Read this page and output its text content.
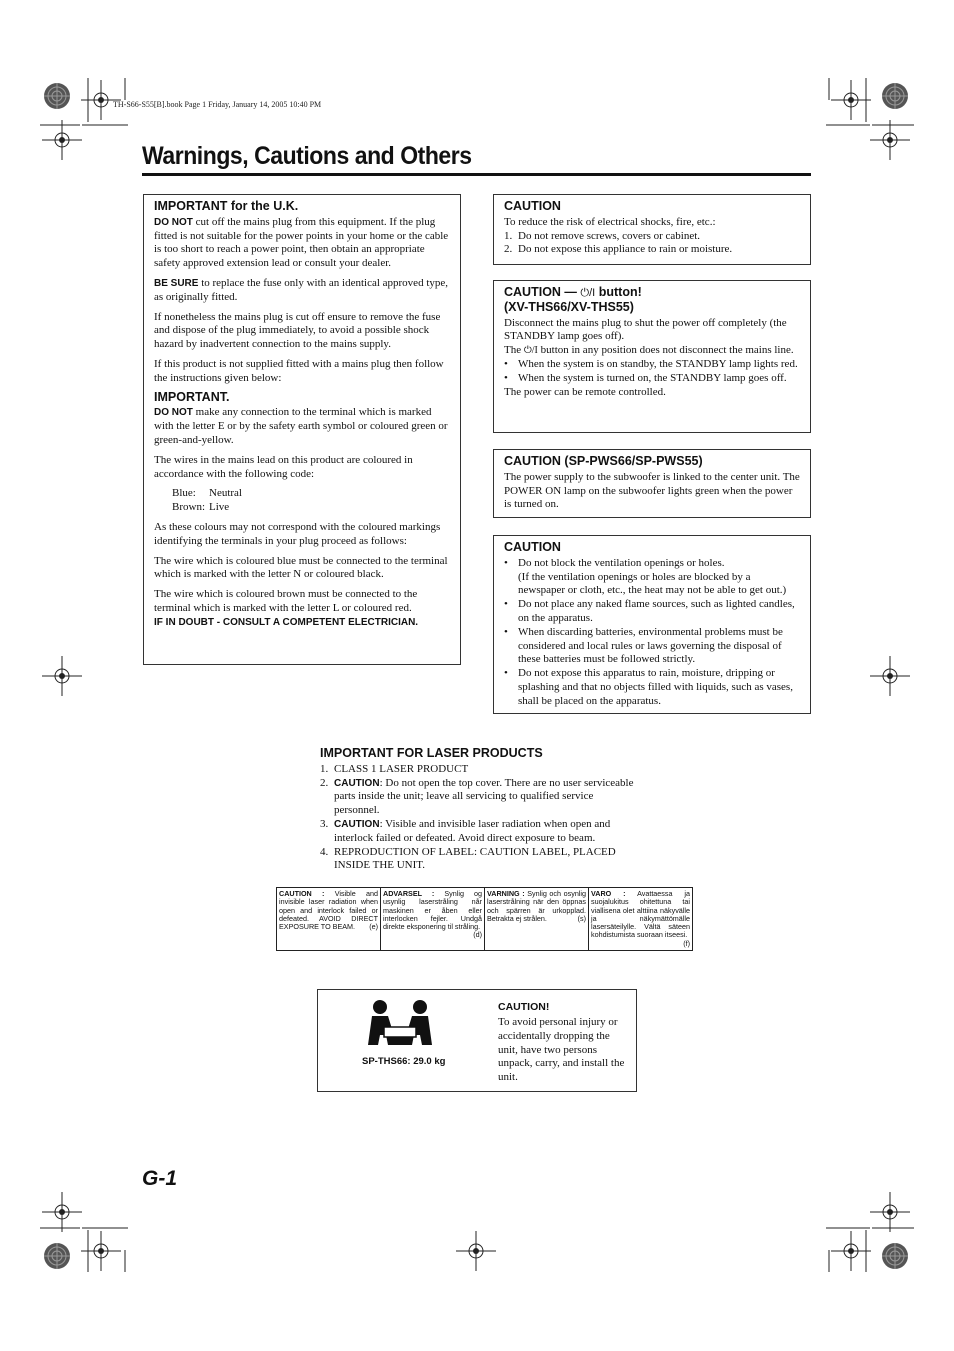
TH-S66-S55[B].book Page 1 Friday, January 14, 2005 10:40 PM
Warnings, Cautions and Others
IMPORTANT for the U.K.

DO NOT cut off the mains plug from this equipment. If the plug fitted is not suitable for the power points in your home or the cable is too short to reach a power point, then obtain an appropriate safety approved extension lead or consult your dealer.

BE SURE to replace the fuse only with an identical approved type, as originally fitted.

If nonetheless the mains plug is cut off ensure to remove the fuse and dispose of the plug immediately, to avoid a possible shock hazard by inadvertent connection to the mains supply.

If this product is not supplied fitted with a mains plug then follow the instructions given below:

IMPORTANT.

DO NOT make any connection to the terminal which is marked with the letter E or by the safety earth symbol or coloured green or green-and-yellow.

The wires in the mains lead on this product are coloured in accordance with the following code:

Blue:	Neutral
Brown:	Live

As these colours may not correspond with the coloured markings identifying the terminals in your plug proceed as follows:

The wire which is coloured blue must be connected to the terminal which is marked with the letter N or coloured black.

The wire which is coloured brown must be connected to the terminal which is marked with the letter L or coloured red.

IF IN DOUBT - CONSULT A COMPETENT ELECTRICIAN.
CAUTION
To reduce the risk of electrical shocks, fire, etc.:
1. Do not remove screws, covers or cabinet.
2. Do not expose this appliance to rain or moisture.
CAUTION — ⏻/I button!
(XV-THS66/XV-THS55)
Disconnect the mains plug to shut the power off completely (the STANDBY lamp goes off).
The ⏻/I button in any position does not disconnect the mains line.
• When the system is on standby, the STANDBY lamp lights red.
• When the system is turned on, the STANDBY lamp goes off.
The power can be remote controlled.
CAUTION (SP-PWS66/SP-PWS55)
The power supply to the subwoofer is linked to the center unit. The POWER ON lamp on the subwoofer lights green when the power is turned on.
CAUTION
• Do not block the ventilation openings or holes.
(If the ventilation openings or holes are blocked by a newspaper or cloth, etc., the heat may not be able to get out.)
• Do not place any naked flame sources, such as lighted candles, on the apparatus.
• When discarding batteries, environmental problems must be considered and local rules or laws governing the disposal of these batteries must be followed strictly.
• Do not expose this apparatus to rain, moisture, dripping or splashing and that no objects filled with liquids, such as vases, shall be placed on the apparatus.
IMPORTANT FOR LASER PRODUCTS
1. CLASS 1 LASER PRODUCT
2. CAUTION: Do not open the top cover. There are no user serviceable parts inside the unit; leave all servicing to qualified service personnel.
3. CAUTION: Visible and invisible laser radiation when open and interlock failed or defeated. Avoid direct exposure to beam.
4. REPRODUCTION OF LABEL: CAUTION LABEL, PLACED INSIDE THE UNIT.
CAUTION : Visible and invisible laser radiation when open and interlock failed or defeated. AVOID DIRECT EXPOSURE TO BEAM. (e)
	ADVARSEL : Synlig og usynlig laserstråling når maskinen er åben eller interlocken fejler. Undgå direkte eksponering til stråling.
(d)
	VARNING : Synlig och osynlig laserstrålning när den öppnas och spärren är urkopplad. Betrakta ej strålen.	(s)
	VARO : Avattaessa ja suojalukitus ohitettuna tai viallisena olet alttiina näkyvälle ja näkymättömälle lasersäteilylle. Vältä säteen kohdistumista suoraan itseesi.
(f)
SP-THS66: 29.0 kg
CAUTION!
To avoid personal injury or accidentally dropping the unit, have two persons unpack, carry, and install the unit.
G-1
